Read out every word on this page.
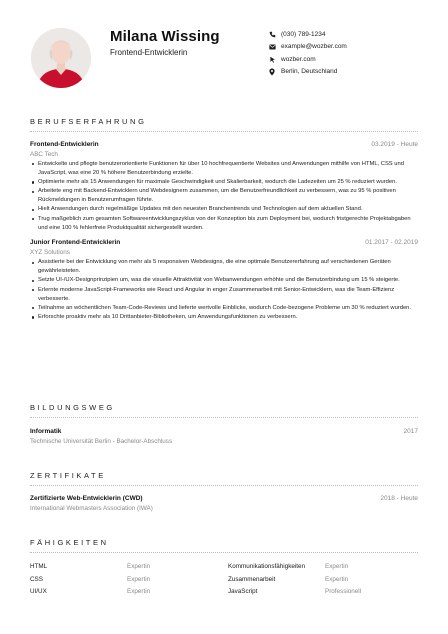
Milana Wissing
Frontend-Entwicklerin
(030) 789-1234
example@wozber.com
wozber.com
Berlin, Deutschland
BERUFSERFAHRUNG
Frontend-Entwicklerin	03.2019 - Heute
ABC Tech
Entwickelte und pflegte benutzerorientierte Funktionen für über 10 hochfrequentierte Websites und Anwendungen mithilfe von HTML, CSS und JavaScript, was eine 20 % höhere Benutzerbindung erzielte.
Optimierte mehr als 15 Anwendungen für maximale Geschwindigkeit und Skalierbarkeit, wodurch die Ladezeiten um 25 % reduziert wurden.
Arbeitete eng mit Backend-Entwicklern und Webdesignern zusammen, um die Benutzerfreundlichkeit zu verbessern, was zu 95 % positiven Rückmeldungen in Benutzerumfragen führte.
Hielt Anwendungen durch regelmäßige Updates mit den neuesten Branchentrends und Technologien auf dem aktuellen Stand.
Trug maßgeblich zum gesamten Softwareentwicklungszyklus von der Konzeption bis zum Deployment bei, wodurch fristgerechte Projektabgaben und eine 100 % fehlerfreie Produktqualität sichergestellt wurden.
Junior Frontend-Entwicklerin	01.2017 - 02.2019
XYZ Solutions
Assistierte bei der Entwicklung von mehr als 5 responsiven Webdesigns, die eine optimale Benutzererfahrung auf verschiedenen Geräten gewährleisteten.
Setzte UI-/UX-Designprinzipien um, was die visuelle Attraktivität von Webanwendungen erhöhte und die Benutzerbindung um 15 % steigerte.
Erlernte moderne JavaScript-Frameworks wie React und Angular in enger Zusammenarbeit mit Senior-Entwicklern, was die Team-Effizienz verbesserte.
Teilnahme an wöchentlichen Team-Code-Reviews und lieferte wertvolle Einblicke, wodurch Code-bezogene Probleme um 30 % reduziert wurden.
Erforschte proaktiv mehr als 10 Drittanbieter-Bibliotheken, um Anwendungsfunktionen zu verbessern.
BILDUNGSWEG
Informatik	2017
Technische Universität Berlin - Bachelor-Abschluss
ZERTIFIKATE
Zertifizierte Web-Entwicklerin (CWD)	2018 - Heute
International Webmasters Association (IWA)
FÄHIGKEITEN
HTML	Expertin	Kommunikationsfähigkeiten	Expertin
CSS	Expertin	Zusammenarbeit	Expertin
UI/UX	Expertin	JavaScript	Professionell
